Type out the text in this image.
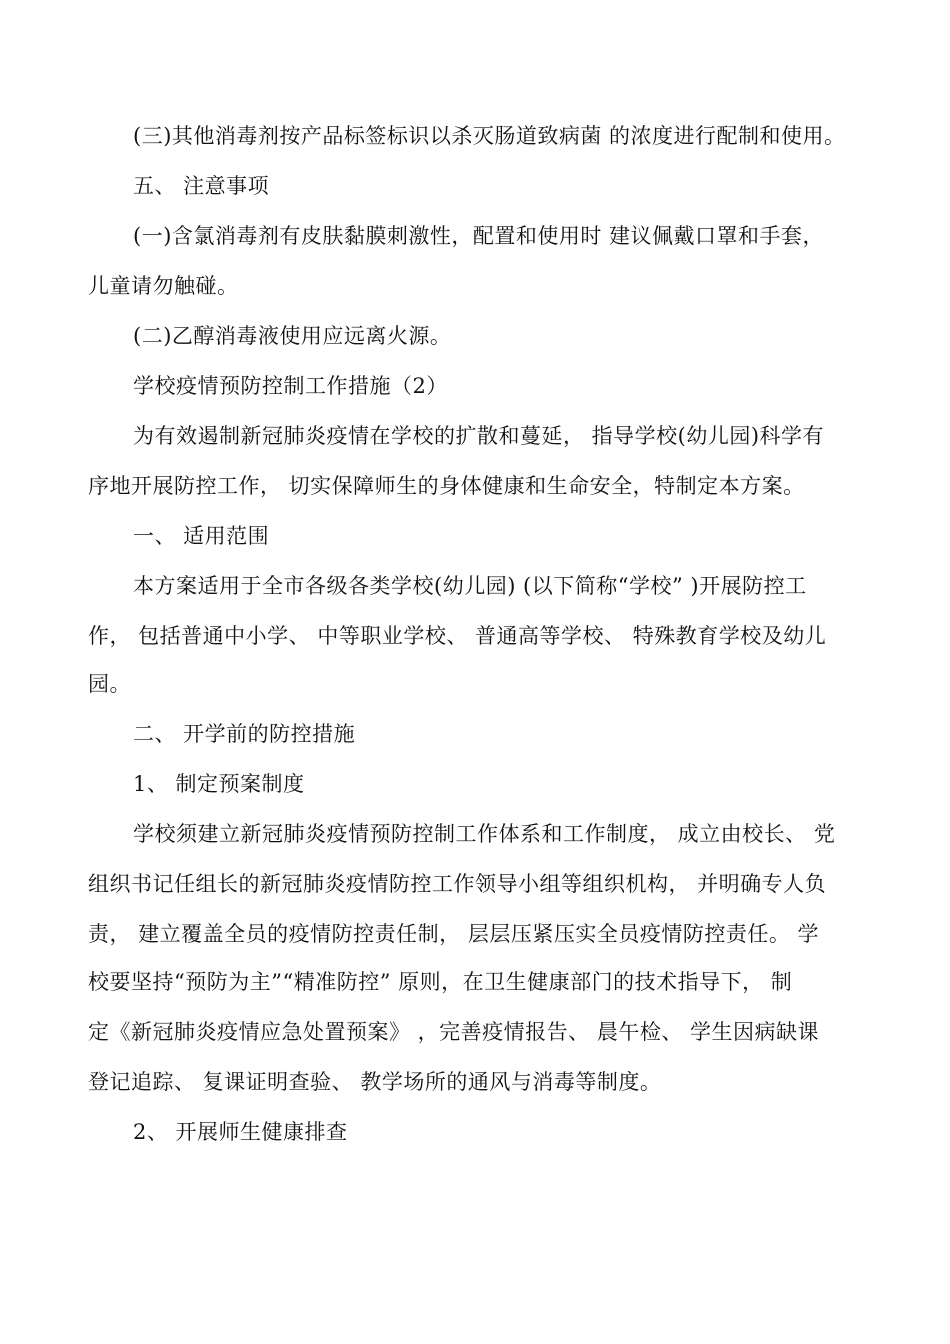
(三)其他消毒剂按产品标签标识以杀灭肠道致病菌 的浓度进行配制和使用。
五、 注意事项
(一)含氯消毒剂有皮肤黏膜刺激性，配置和使用时 建议佩戴口罩和手套，
儿童请勿触碰。
(二)乙醇消毒液使用应远离火源。
学校疫情预防控制工作措施（2）
为有效遏制新冠肺炎疫情在学校的扩散和蔓延， 指导学校(幼儿园)科学有
序地开展防控工作， 切实保障师生的身体健康和生命安全，特制定本方案。
一、 适用范围
本方案适用于全市各级各类学校(幼儿园) (以下简称“学校” )开展防控工
作， 包括普通中小学、 中等职业学校、 普通高等学校、 特殊教育学校及幼儿
园。
二、 开学前的防控措施
1、 制定预案制度
学校须建立新冠肺炎疫情预防控制工作体系和工作制度， 成立由校长、 党
组织书记任组长的新冠肺炎疫情防控工作领导小组等组织机构， 并明确专人负
责， 建立覆盖全员的疫情防控责任制， 层层压紧压实全员疫情防控责任。 学
校要坚持“预防为主”“精准防控” 原则，在卫生健康部门的技术指导下， 制
定《新冠肺炎疫情应急处置预案》 ，完善疫情报告、 晨午检、 学生因病缺课
登记追踪、 复课证明查验、 教学场所的通风与消毒等制度。
2、 开展师生健康排查
